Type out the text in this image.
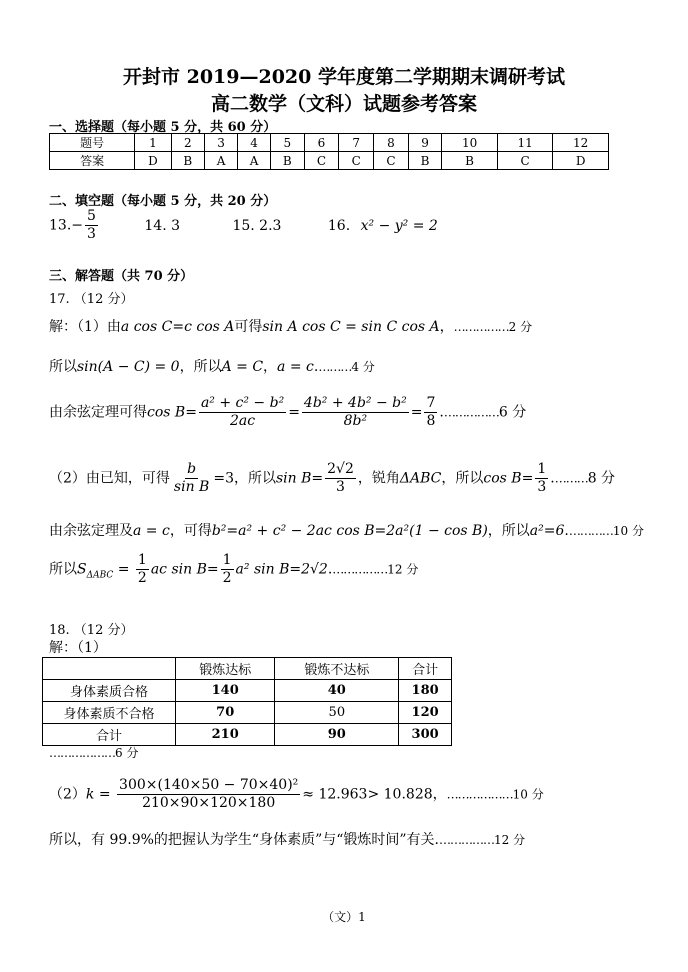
开封市 2019—2020 学年度第二学期期末调研考试
高二数学（文科）试题参考答案
一、选择题（每小题 5 分，共 60 分）
题号	1	2	3	4	5	6	7	8	9	10	11	12
答案	D	B	A	A	B	C	C	C	B	B	C	D
二、填空题（每小题 5 分，共 20 分）
$13.- \frac{5}{3}$	14. 3	15. 2.3	16. x² − y² = 2
三、解答题（共 70 分）
17. （12 分）
解：（1）由a cos C=c cos A可得sin A cos C = sin C cos A，……………2 分
所以sin(A − C) = 0，所以A = C，a = c.………4 分
由余弦定理可得$\cos B= \frac{\text{a² + c² − b²}}{2ac} = \frac{\text{4b² + 4b² − b²}}{\text{8b²}} = \frac{7}{8}$ .……………6 分
（2）由已知，可得 $\frac{b}{\text{sin B}} =3$，所以$\sin B= \frac{2√2}{3}$ ，锐角ΔABC，所以$\cos B= \frac{1}{3}$ .………8 分
由余弦定理及a = c，可得b²=a² + c² − 2ac cos B=2a²(1 − cos B)，所以a²=6.…………10 分
所以$S_{\Delta ABC} = \frac{1}{2}$ ac $\sin B= \frac{1}{2} a^2$ sin B=2√2.……………12 分
18. （12 分）
解：（1）
	锻炼达标	锻炼不达标	合计
身体素质合格	140	40	180
身体素质不合格	70	50	120
合计	210	90	300
………………6 分
$(2)k = \frac{\text{300×(140×50 − 70×40)²}}{210\times 90\times 120\times 180} \approx 12.963> 10.828$，………………10 分
所以，有 99.9%的把握认为学生“身体素质”与“锻炼时间”有关.……………12 分
（文）1
